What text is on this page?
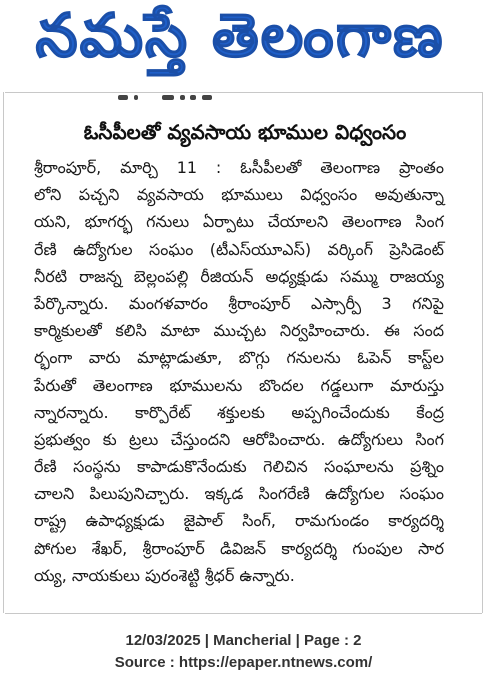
నమస్తే తెలంగాణ
ఓసీపీలతో వ్యవసాయ భూముల విధ్వంసం
శ్రీరాంపూర్, మార్చి 11 : ఓసీపీలతో తెలంగాణ ప్రాంతం
లోని పచ్చని వ్యవసాయ భూములు విధ్వంసం అవుతున్నా
యని, భూగర్భ గనులు ఏర్పాటు చేయాలని తెలంగాణ సింగ
రేణి ఉద్యోగుల సంఘం (టీఎస్‌యూఎస్) వర్కింగ్ ప్రెసిడెంట్
నీరటి రాజన్న బెల్లంపల్లి రీజియన్ అధ్యక్షుడు సమ్ము రాజయ్య
పేర్కొన్నారు. మంగళవారం శ్రీరాంపూర్ ఎస్సార్పీ 3 గనిపై
కార్మికులతో కలిసి మాటా ముచ్చట నిర్వహించారు. ఈ సంద
ర్భంగా వారు మాట్లాడుతూ, బొగ్గు గనులను ఓపెన్ కాస్ట్‌ల
పేరుతో తెలంగాణ భూములను బొందల గడ్డలుగా మారుస్తు
న్నారన్నారు. కార్పొరేట్ శక్తులకు అప్పగించేందుకు కేంద్ర
ప్రభుత్వం కు ట్రలు చేస్తుందని ఆరోపించారు. ఉద్యోగులు సింగ
రేణి సంస్థను కాపాడుకొనేందుకు గెలిచిన సంఘాలను ప్రశ్నిం
చాలని పిలుపునిచ్చారు. ఇక్కడ సింగరేణి ఉద్యోగుల సంఘం
రాష్ట్ర ఉపాధ్యక్షుడు జైపాల్ సింగ్, రామగుండం కార్యదర్శి
పోగుల శేఖర్, శ్రీరాంపూర్ డివిజన్ కార్యదర్శి గుంపుల సార
య్య, నాయకులు పురంశెట్టి శ్రీధర్ ఉన్నారు.
12/03/2025 | Mancherial | Page : 2
Source : https://epaper.ntnews.com/
